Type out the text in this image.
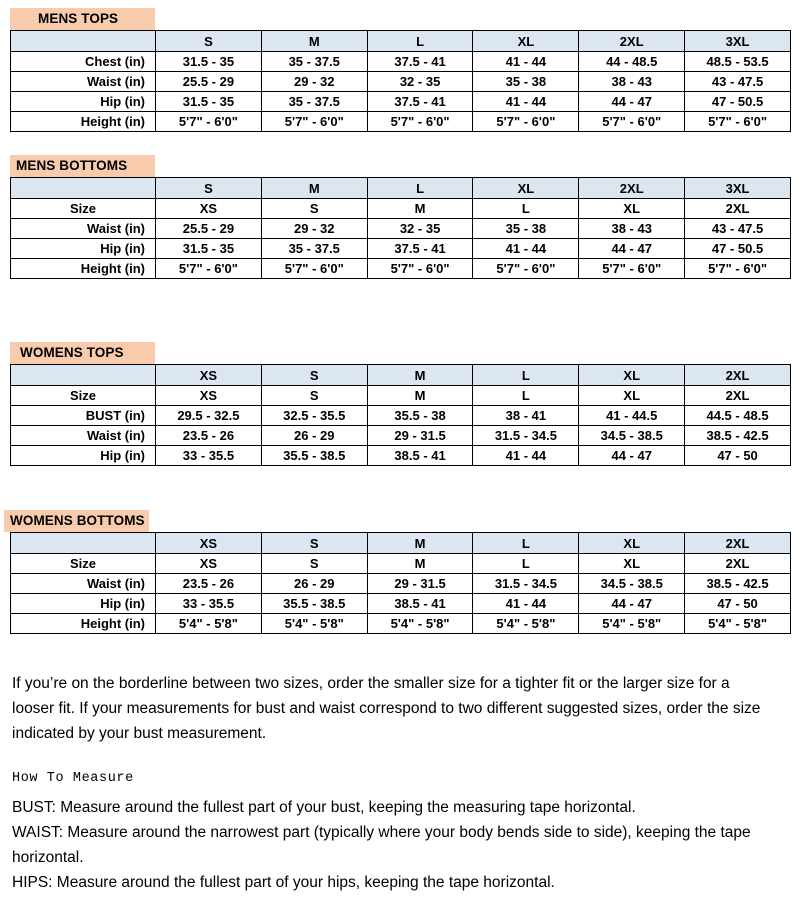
MENS TOPS
	S	M	L	XL	2XL	3XL
Chest (in)	31.5 - 35	35 - 37.5	37.5 - 41	41 - 44	44 - 48.5	48.5 - 53.5
Waist (in)	25.5 - 29	29 - 32	32 - 35	35 - 38	38 - 43	43 - 47.5
Hip (in)	31.5 - 35	35 - 37.5	37.5 - 41	41 - 44	44 - 47	47 - 50.5
Height (in)	5'7" - 6'0"	5'7" - 6'0"	5'7" - 6'0"	5'7" - 6'0"	5'7" - 6'0"	5'7" - 6'0"
MENS BOTTOMS
	S	M	L	XL	2XL	3XL
Size	XS	S	M	L	XL	2XL
Waist (in)	25.5 - 29	29 - 32	32 - 35	35 - 38	38 - 43	43 - 47.5
Hip (in)	31.5 - 35	35 - 37.5	37.5 - 41	41 - 44	44 - 47	47 - 50.5
Height (in)	5'7" - 6'0"	5'7" - 6'0"	5'7" - 6'0"	5'7" - 6'0"	5'7" - 6'0"	5'7" - 6'0"
WOMENS TOPS
	XS	S	M	L	XL	2XL
Size	XS	S	M	L	XL	2XL
BUST (in)	29.5 - 32.5	32.5 - 35.5	35.5 - 38	38 - 41	41 - 44.5	44.5 - 48.5
Waist (in)	23.5 - 26	26 - 29	29 - 31.5	31.5 - 34.5	34.5 - 38.5	38.5 - 42.5
Hip (in)	33 - 35.5	35.5 - 38.5	38.5 - 41	41 - 44	44 - 47	47 - 50
WOMENS BOTTOMS
	XS	S	M	L	XL	2XL
Size	XS	S	M	L	XL	2XL
Waist (in)	23.5 - 26	26 - 29	29 - 31.5	31.5 - 34.5	34.5 - 38.5	38.5 - 42.5
Hip (in)	33 - 35.5	35.5 - 38.5	38.5 - 41	41 - 44	44 - 47	47 - 50
Height (in)	5'4" - 5'8"	5'4" - 5'8"	5'4" - 5'8"	5'4" - 5'8"	5'4" - 5'8"	5'4" - 5'8"
If you’re on the borderline between two sizes, order the smaller size for a tighter fit or the larger size for a looser fit. If your measurements for bust and waist correspond to two different suggested sizes, order the size indicated by your bust measurement.
How To Measure
BUST: Measure around the fullest part of your bust, keeping the measuring tape horizontal.
WAIST: Measure around the narrowest part (typically where your body bends side to side), keeping the tape horizontal.
HIPS: Measure around the fullest part of your hips, keeping the tape horizontal.
